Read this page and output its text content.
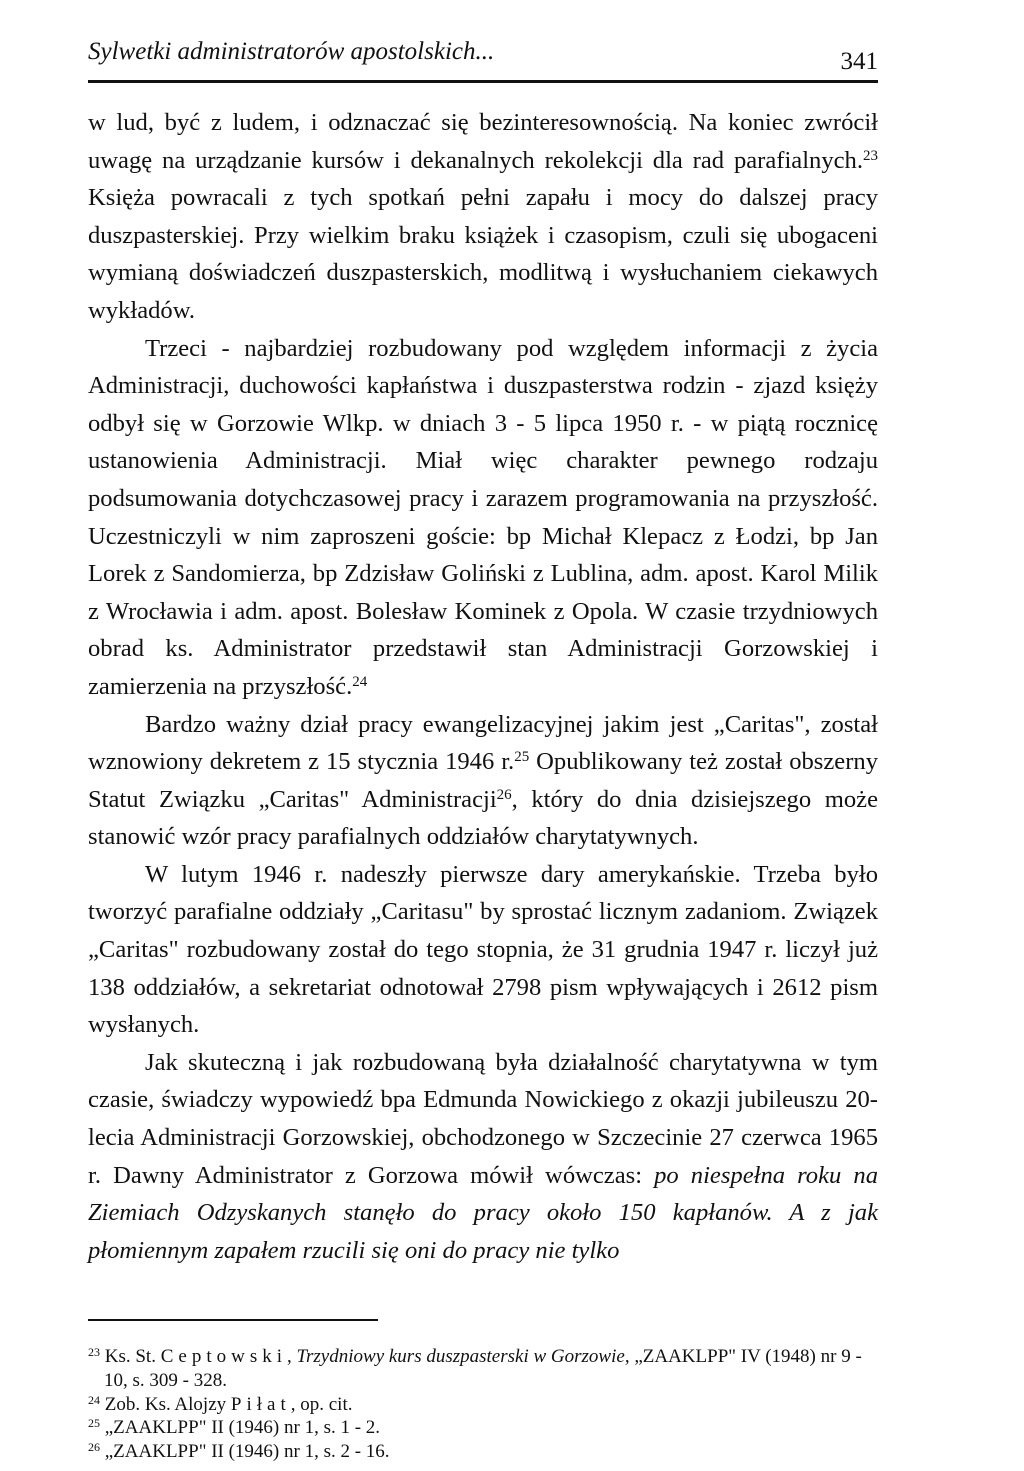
Sylwetki administratorów apostolskich...	341

w lud, być z ludem, i odznaczać się bezinteresownością. Na koniec zwrócił uwagę na urządzanie kursów i dekanalnych rekolekcji dla rad parafialnych.$^{23}$ Księża powracali z tych spotkań pełni zapału i mocy do dalszej pracy duszpasterskiej. Przy wielkim braku książek i czasopism, czuli się ubogaceni wymianą doświadczeń duszpasterskich, modlitwą i wysłuchaniem ciekawych wykładów.

Trzeci - najbardziej rozbudowany pod względem informacji z życia Administracji, duchowości kapłaństwa i duszpasterstwa rodzin - zjazd księży odbył się w Gorzowie Wlkp. w dniach 3 - 5 lipca 1950 r. - w piątą rocznicę ustanowienia Administracji. Miał więc charakter pewnego rodzaju podsumowania dotychczasowej pracy i zarazem programowania na przyszłość. Uczestniczyli w nim zaproszeni goście: bp Michał Klepacz z Łodzi, bp Jan Lorek z Sandomierza, bp Zdzisław Goliński z Lublina, adm. apost. Karol Milik z Wrocławia i adm. apost. Bolesław Kominek z Opola. W czasie trzydniowych obrad ks. Administrator przedstawił stan Administracji Gorzowskiej i zamierzenia na przyszłość.$^{24}$

Bardzo ważny dział pracy ewangelizacyjnej jakim jest „Caritas", został wznowiony dekretem z 15 stycznia 1946 r.$^{25}$ Opublikowany też został obszerny Statut Związku „Caritas" Administracji$^{26}$, który do dnia dzisiejszego może stanowić wzór pracy parafialnych oddziałów charytatywnych.

W lutym 1946 r. nadeszły pierwsze dary amerykańskie. Trzeba było tworzyć parafialne oddziały „Caritasu" by sprostać licznym zadaniom. Związek „Caritas" rozbudowany został do tego stopnia, że 31 grudnia 1947 r. liczył już 138 oddziałów, a sekretariat odnotował 2798 pism wpływających i 2612 pism wysłanych.

Jak skuteczną i jak rozbudowaną była działalność charytatywna w tym czasie, świadczy wypowiedź bpa Edmunda Nowickiego z okazji jubileuszu 20-lecia Administracji Gorzowskiej, obchodzonego w Szczecinie 27 czerwca 1965 r. Dawny Administrator z Gorzowa mówił wówczas: po niespełna roku na Ziemiach Odzyskanych stanęło do pracy około 150 kapłanów. A z jak płomiennym zapałem rzucili się oni do pracy nie tylko

$^{23}$ Ks. St. Ceptowski, Trzydniowy kurs duszpasterski w Gorzowie, „ZAAKLPP" IV (1948) nr 9 - 10, s. 309 - 328.

$^{24}$ Zob. Ks. Alojzy Piłat, op. cit.

$^{25}$ „ZAAKLPP" II (1946) nr 1, s. 1 - 2.

$^{26}$ „ZAAKLPP" II (1946) nr 1, s. 2 - 16.
